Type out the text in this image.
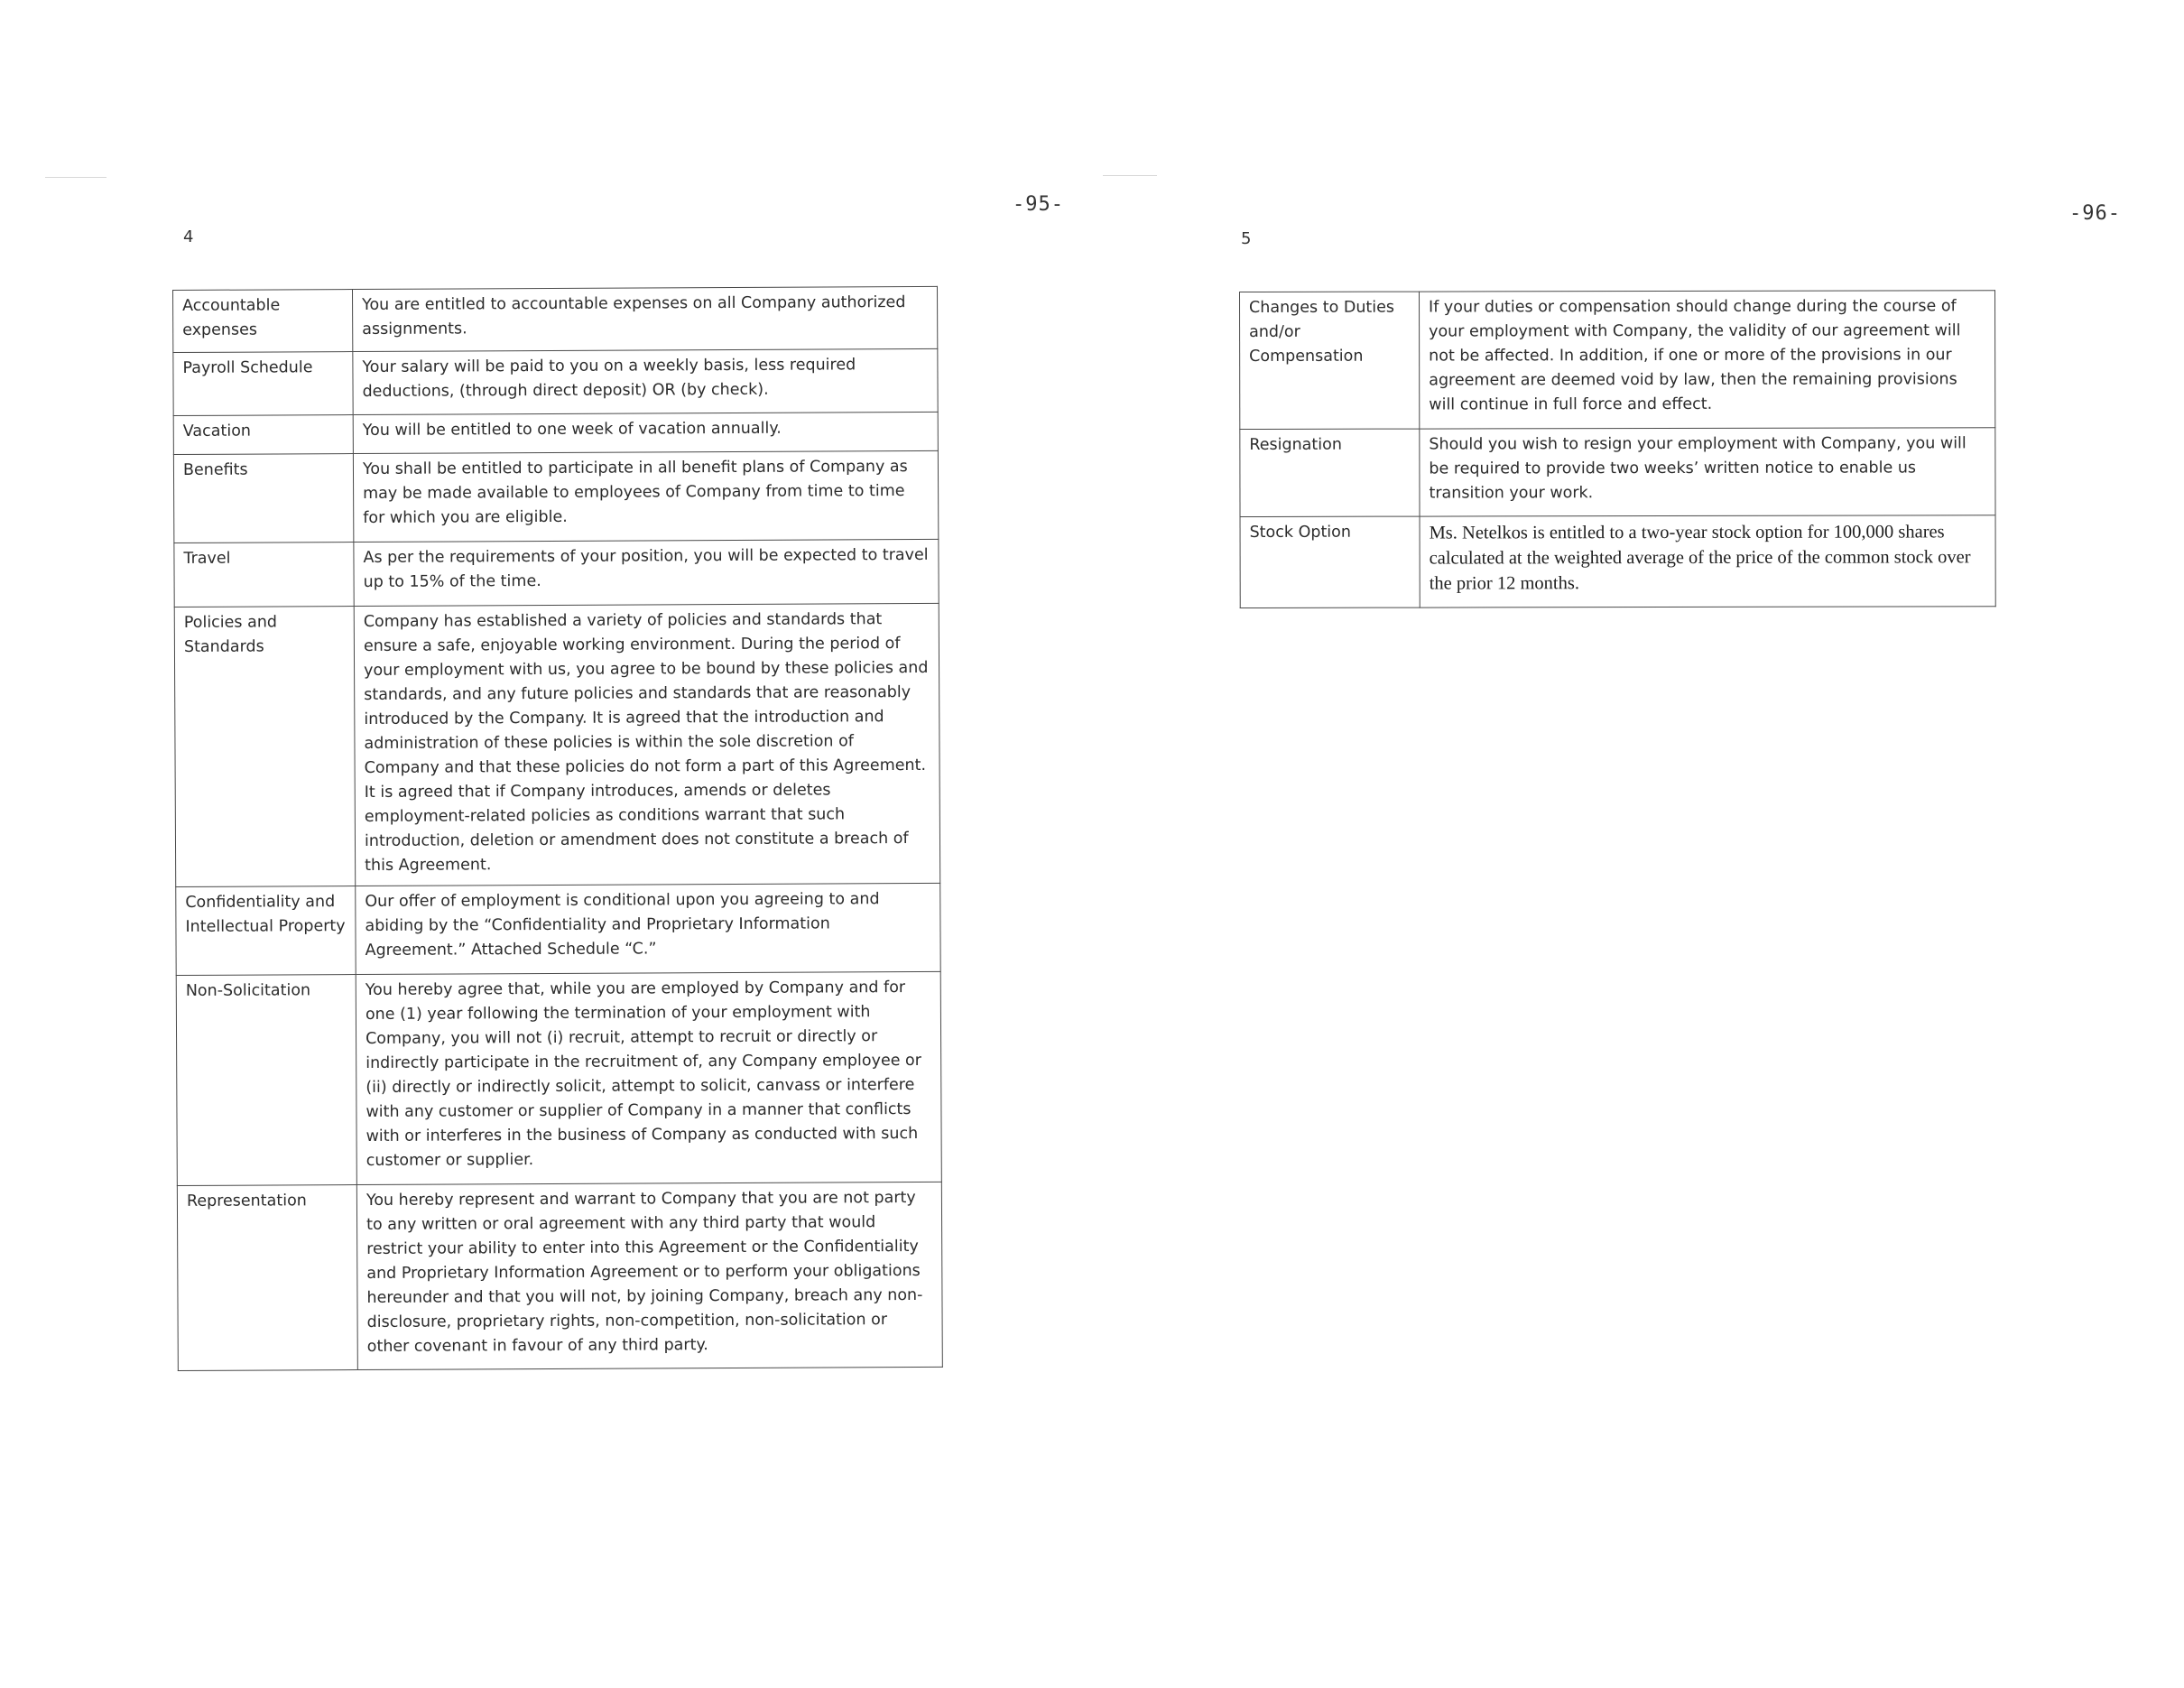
-95-
4
Accountable expenses	You are entitled to accountable expenses on all Company authorized assignments.
Payroll Schedule	Your salary will be paid to you on a weekly basis, less required deductions, (through direct deposit) OR (by check).
Vacation	You will be entitled to one week of vacation annually.
Benefits	You shall be entitled to participate in all benefit plans of Company as may be made available to employees of Company from time to time for which you are eligible.
Travel	As per the requirements of your position, you will be expected to travel up to 15% of the time.
Policies and Standards	Company has established a variety of policies and standards that ensure a safe, enjoyable working environment. During the period of your employment with us, you agree to be bound by these policies and standards, and any future policies and standards that are reasonably introduced by the Company. It is agreed that the introduction and administration of these policies is within the sole discretion of Company and that these policies do not form a part of this Agreement. It is agreed that if Company introduces, amends or deletes employment-related policies as conditions warrant that such introduction, deletion or amendment does not constitute a breach of this Agreement.
Confidentiality and Intellectual Property	Our offer of employment is conditional upon you agreeing to and abiding by the “Confidentiality and Proprietary Information Agreement.” Attached Schedule “C.”
Non-Solicitation	You hereby agree that, while you are employed by Company and for one (1) year following the termination of your employment with Company, you will not (i) recruit, attempt to recruit or directly or indirectly participate in the recruitment of, any Company employee or (ii) directly or indirectly solicit, attempt to solicit, canvass or interfere with any customer or supplier of Company in a manner that conflicts with or interferes in the business of Company as conducted with such customer or supplier.
Representation	You hereby represent and warrant to Company that you are not party to any written or oral agreement with any third party that would restrict your ability to enter into this Agreement or the Confidentiality and Proprietary Information Agreement or to perform your obligations hereunder and that you will not, by joining Company, breach any non-disclosure, proprietary rights, non-competition, non-solicitation or other covenant in favour of any third party.
-96-
5
Changes to Duties and/or Compensation	If your duties or compensation should change during the course of your employment with Company, the validity of our agreement will not be affected. In addition, if one or more of the provisions in our agreement are deemed void by law, then the remaining provisions will continue in full force and effect.
Resignation	Should you wish to resign your employment with Company, you will be required to provide two weeks’ written notice to enable us transition your work.
Stock Option	Ms. Netelkos is entitled to a two-year stock option for 100,000 shares calculated at the weighted average of the price of the common stock over the prior 12 months.
